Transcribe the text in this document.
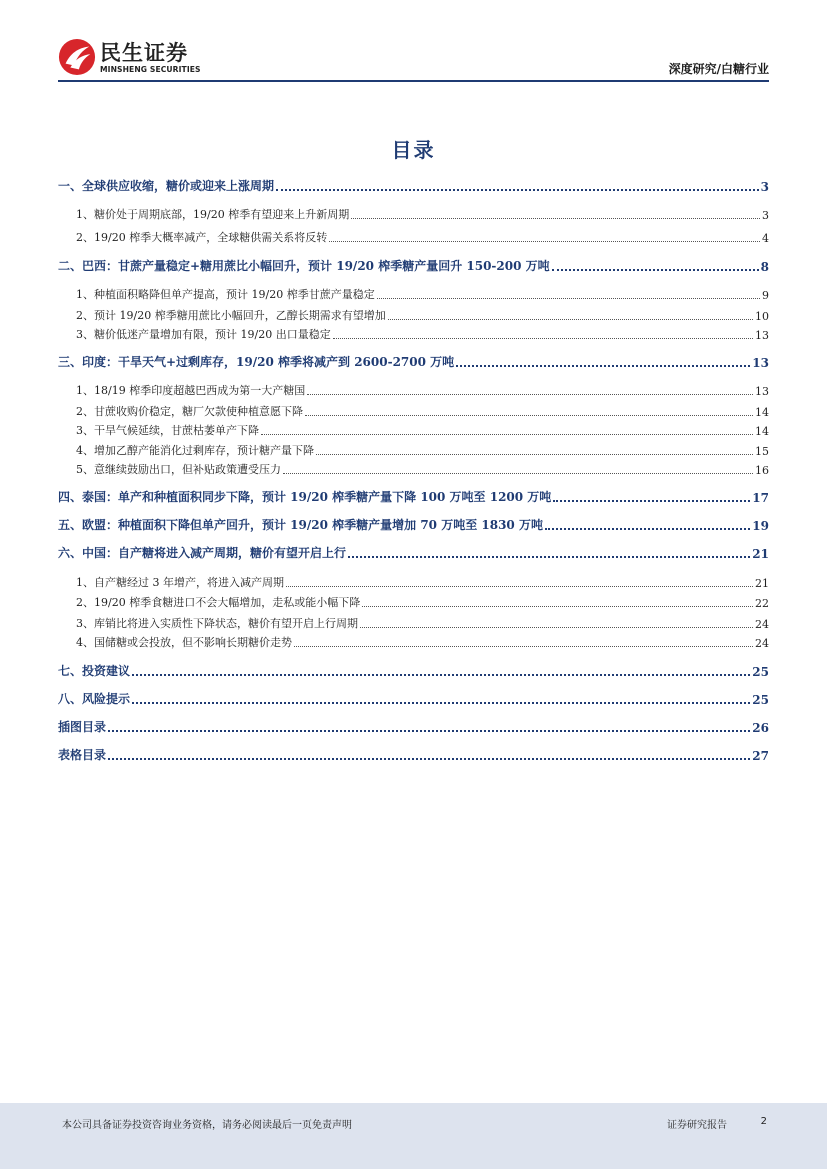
民生证券
MINSHENG SECURITIES	深度研究/白糖行业
目录
一、全球供应收缩，糖价或迎来上涨周期	3
1、糖价处于周期底部，19/20 榨季有望迎来上升新周期	3
2、19/20 榨季大概率减产，全球糖供需关系将反转	4
二、巴西：甘蔗产量稳定+糖用蔗比小幅回升，预计 19/20 榨季糖产量回升 150-200 万吨	8
1、种植面积略降但单产提高，预计 19/20 榨季甘蔗产量稳定	9
2、预计 19/20 榨季糖用蔗比小幅回升，乙醇长期需求有望增加	10
3、糖价低迷产量增加有限，预计 19/20 出口量稳定	13
三、印度：干旱天气+过剩库存，19/20 榨季将减产到 2600-2700 万吨	13
1、18/19 榨季印度超越巴西成为第一大产糖国	13
2、甘蔗收购价稳定，糖厂欠款使种植意愿下降	14
3、干旱气候延续，甘蔗枯萎单产下降	14
4、增加乙醇产能消化过剩库存，预计糖产量下降	15
5、意继续鼓励出口，但补贴政策遭受压力	16
四、泰国：单产和种植面积同步下降，预计 19/20 榨季糖产量下降 100 万吨至 1200 万吨	17
五、欧盟：种植面积下降但单产回升，预计 19/20 榨季糖产量增加 70 万吨至 1830 万吨	19
六、中国：自产糖将进入减产周期，糖价有望开启上行	21
1、自产糖经过 3 年增产，将进入减产周期	21
2、19/20 榨季食糖进口不会大幅增加，走私或能小幅下降	22
3、库销比将进入实质性下降状态，糖价有望开启上行周期	24
4、国储糖或会投放，但不影响长期糖价走势	24
七、投资建议	25
八、风险提示	25
插图目录	26
表格目录	27
本公司具备证券投资咨询业务资格，请务必阅读最后一页免责声明	证券研究报告	2
